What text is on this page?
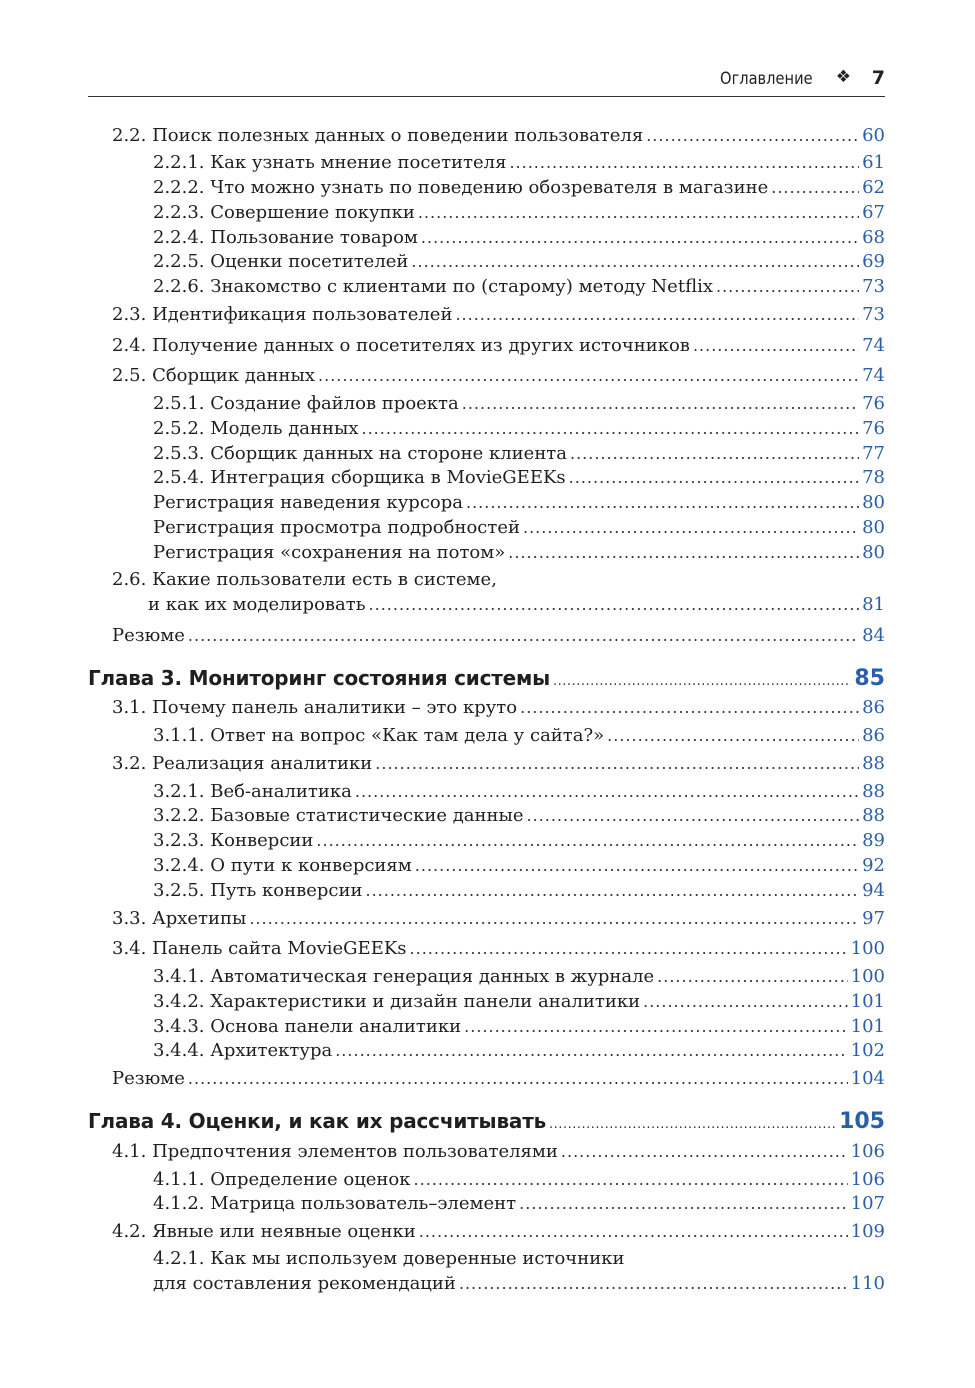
Оглавление ❖ 7
2.2. Поиск полезных данных о поведении пользователя .....	60
2.2.1. Как узнать мнение посетителя .....	61
2.2.2. Что можно узнать по поведению обозревателя в магазине .....	62
2.2.3. Совершение покупки .....	67
2.2.4. Пользование товаром .....	68
2.2.5. Оценки посетителей .....	69
2.2.6. Знакомство с клиентами по (старому) методу Netflix .....	73
2.3. Идентификация пользователей .....	73
2.4. Получение данных о посетителях из других источников .....	74
2.5. Сборщик данных .....	74
2.5.1. Создание файлов проекта .....	76
2.5.2. Модель данных .....	76
2.5.3. Сборщик данных на стороне клиента .....	77
2.5.4. Интеграция сборщика в MovieGEEKs .....	78
Регистрация наведения курсора .....	80
Регистрация просмотра подробностей .....	80
Регистрация «сохранения на потом» .....	80
2.6. Какие пользователи есть в системе,
и как их моделировать .....	81
Резюме .....	84
Глава 3. Мониторинг состояния системы .....	85
3.1. Почему панель аналитики – это круто .....	86
3.1.1. Ответ на вопрос «Как там дела у сайта?» .....	86
3.2. Реализация аналитики .....	88
3.2.1. Веб-аналитика .....	88
3.2.2. Базовые статистические данные .....	88
3.2.3. Конверсии .....	89
3.2.4. О пути к конверсиям .....	92
3.2.5. Путь конверсии .....	94
3.3. Архетипы .....	97
3.4. Панель сайта MovieGEEKs .....	100
3.4.1. Автоматическая генерация данных в журнале .....	100
3.4.2. Характеристики и дизайн панели аналитики .....	101
3.4.3. Основа панели аналитики .....	101
3.4.4. Архитектура .....	102
Резюме .....	104
Глава 4. Оценки, и как их рассчитывать .....	105
4.1. Предпочтения элементов пользователями .....	106
4.1.1. Определение оценок .....	106
4.1.2. Матрица пользователь–элемент .....	107
4.2. Явные или неявные оценки .....	109
4.2.1. Как мы используем доверенные источники
для составления рекомендаций .....	110
